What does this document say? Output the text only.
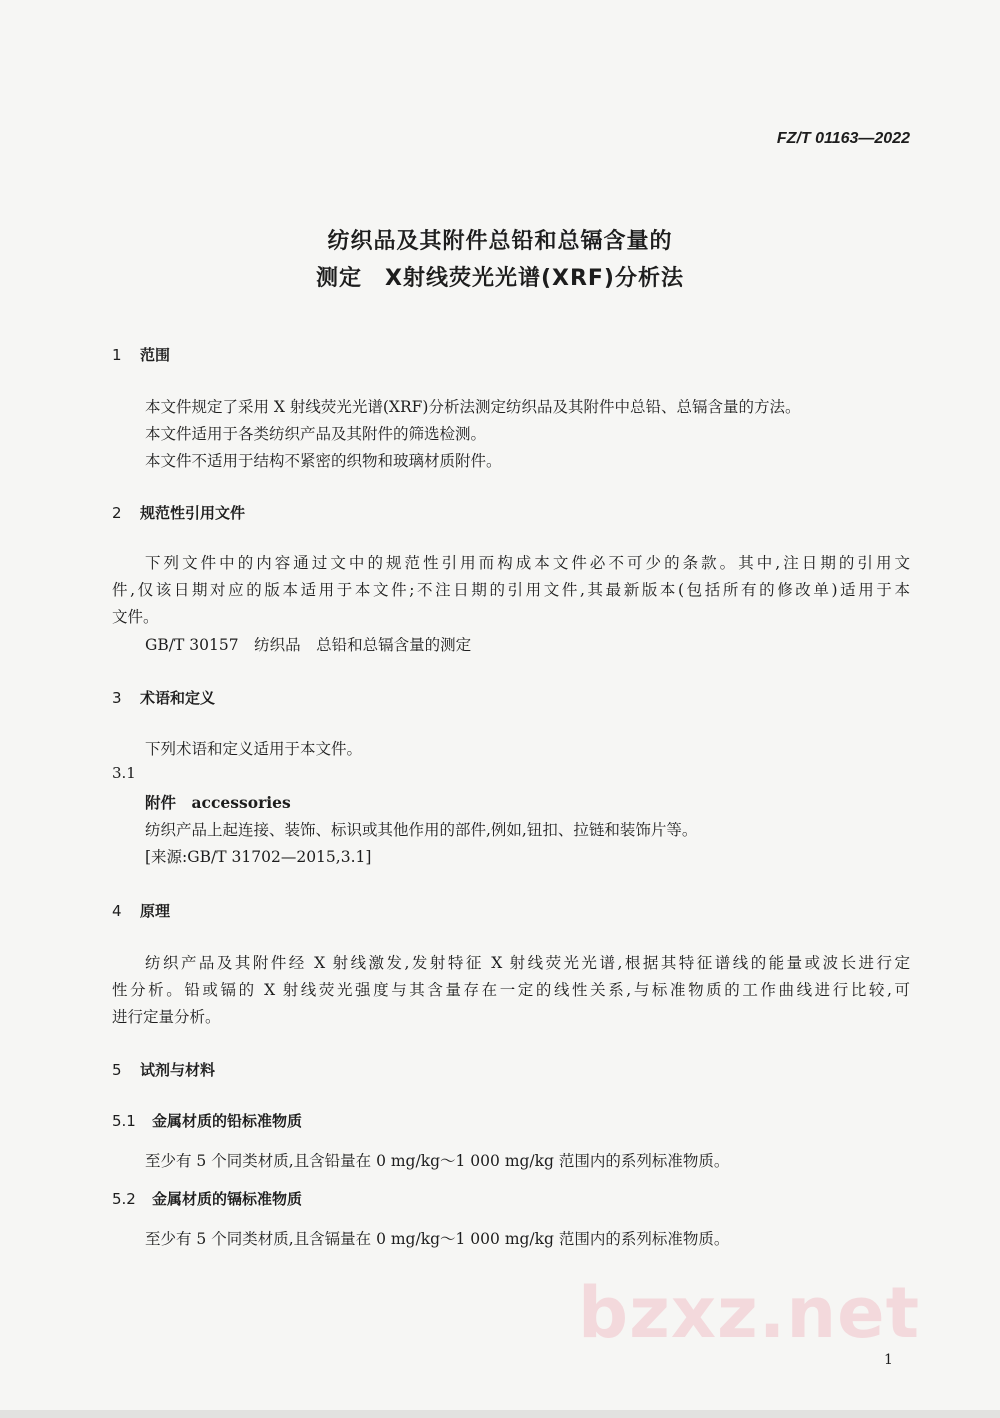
FZ/T 01163—2022
纺织品及其附件总铅和总镉含量的
测定　X射线荧光光谱(XRF)分析法
1 范围
本文件规定了采用 X 射线荧光光谱(XRF)分析法测定纺织品及其附件中总铅、总镉含量的方法。
本文件适用于各类纺织产品及其附件的筛选检测。
本文件不适用于结构不紧密的织物和玻璃材质附件。
2 规范性引用文件
下列文件中的内容通过文中的规范性引用而构成本文件必不可少的条款。其中,注日期的引用文
件,仅该日期对应的版本适用于本文件;不注日期的引用文件,其最新版本(包括所有的修改单)适用于本
文件。
GB/T 30157　纺织品　总铅和总镉含量的测定
3 术语和定义
下列术语和定义适用于本文件。
3.1
附件　accessories
纺织产品上起连接、装饰、标识或其他作用的部件,例如,钮扣、拉链和装饰片等。
[来源:GB/T 31702—2015,3.1]
4 原理
纺织产品及其附件经 X 射线激发,发射特征 X 射线荧光光谱,根据其特征谱线的能量或波长进行定
性分析。铅或镉的 X 射线荧光强度与其含量存在一定的线性关系,与标准物质的工作曲线进行比较,可
进行定量分析。
5 试剂与材料
5.1 金属材质的铅标准物质
至少有 5 个同类材质,且含铅量在 0 mg/kg～1 000 mg/kg 范围内的系列标准物质。
5.2 金属材质的镉标准物质
至少有 5 个同类材质,且含镉量在 0 mg/kg～1 000 mg/kg 范围内的系列标准物质。
bzxz.net
1
